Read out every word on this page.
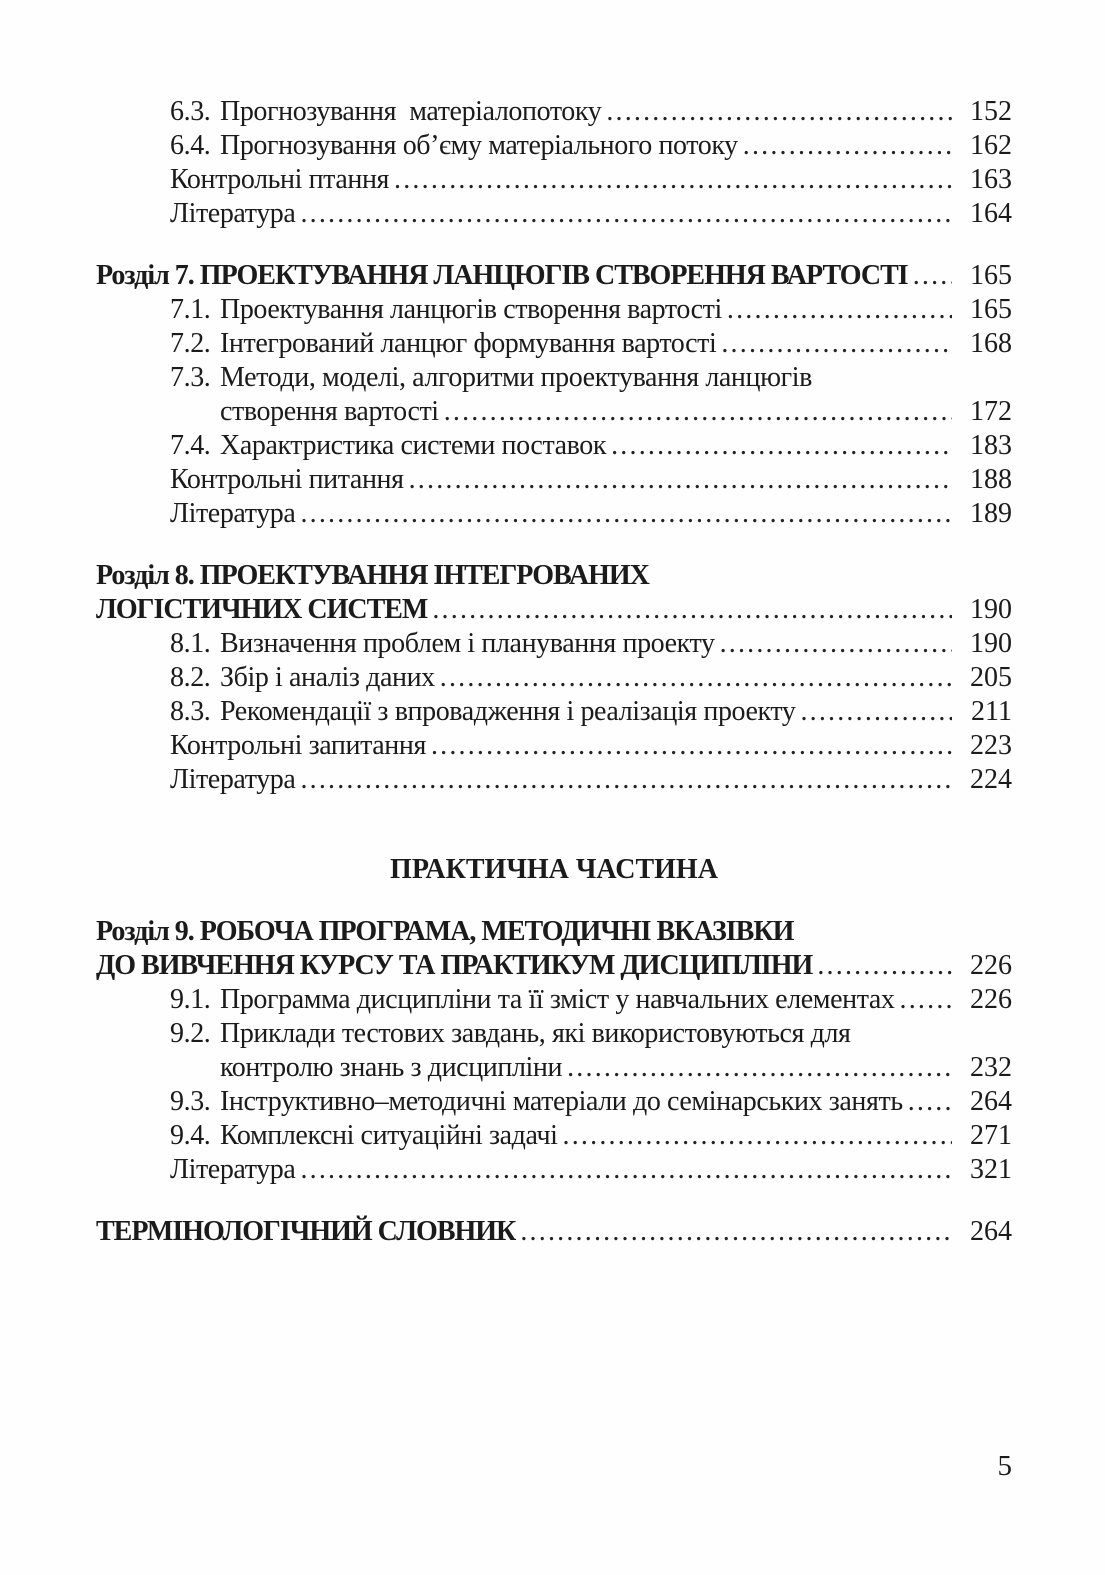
6.3. Прогнозування  матеріалопотоку .....	152
6.4. Прогнозування об’єму матеріального потоку .....	162
Контрольні птання .....	163
Література .....	164
Розділ 7. ПРОЕКТУВАННЯ ЛАНЦЮГІВ СТВОРЕННЯ ВАРТОСТІ .....	165
7.1. Проектування ланцюгів створення вартості .....	165
7.2. Інтегрований ланцюг формування вартості .....	168
7.3. Методи, моделі, алгоритми проектування ланцюгів
створення вартості .....	172
7.4. Характристика системи поставок .....	183
Контрольні питання .....	188
Література .....	189
Розділ 8. ПРОЕКТУВАННЯ ІНТЕГРОВАНИХ
ЛОГІСТИЧНИХ СИСТЕМ .....	190
8.1. Визначення проблем і планування проекту .....	190
8.2. Збір і аналіз даних .....	205
8.3. Рекомендації з впровадження і реалізація проекту .....	211
Контрольні запитання .....	223
Література .....	224
ПРАКТИЧНА ЧАСТИНА
Розділ 9. РОБОЧА ПРОГРАМА, МЕТОДИЧНІ ВКАЗІВКИ
ДО ВИВЧЕННЯ КУРСУ ТА ПРАКТИКУМ ДИСЦИПЛІНИ .....	226
9.1. Программа дисципліни та її зміст у навчальних елементах .....	226
9.2. Приклади тестових завдань, які використовуються для
контролю знань з дисципліни .....	232
9.3. Інструктивно–методичні матеріали до семінарських занять .....	264
9.4. Комплексні ситуаційні задачі .....	271
Література .....	321
ТЕРМІНОЛОГІЧНИЙ СЛОВНИК .....	264
5
